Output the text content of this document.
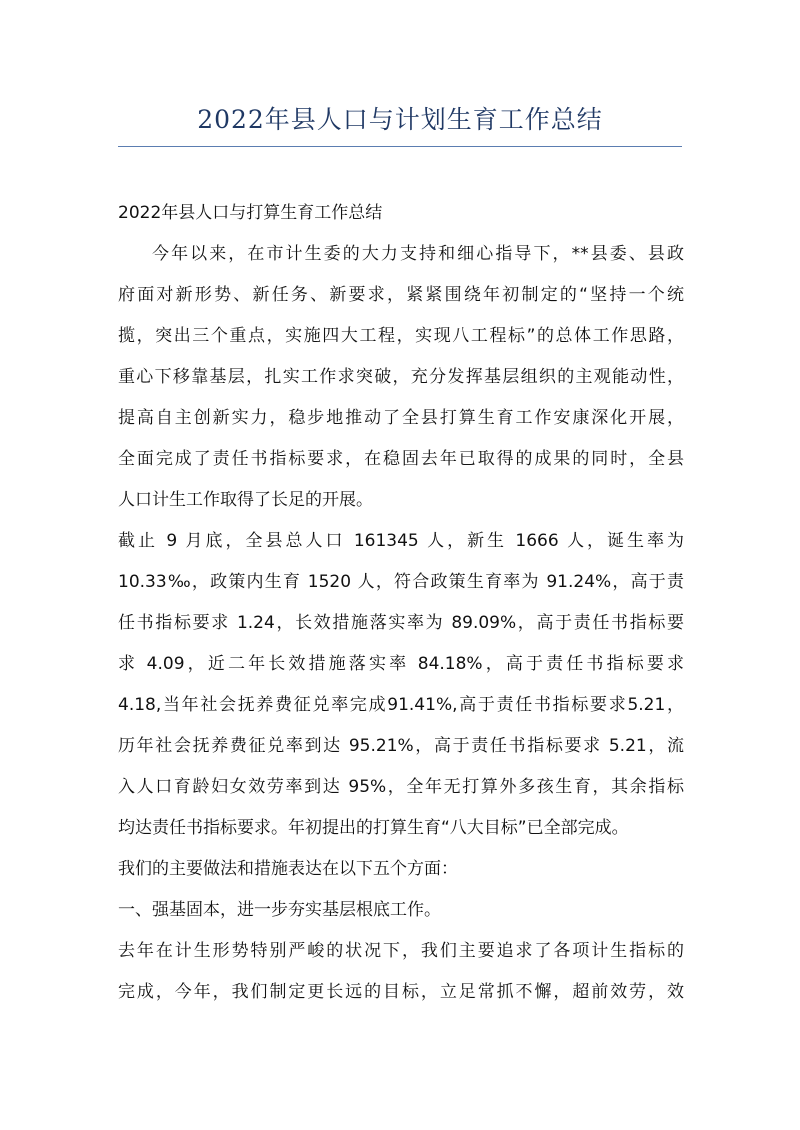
2022年县人口与计划生育工作总结
2022年县人口与打算生育工作总结
今年以来，在市计生委的大力支持和细心指导下，**县委、县政
府面对新形势、新任务、新要求，紧紧围绕年初制定的“坚持一个统
揽，突出三个重点，实施四大工程，实现八工程标”的总体工作思路，
重心下移靠基层，扎实工作求突破，充分发挥基层组织的主观能动性，
提高自主创新实力，稳步地推动了全县打算生育工作安康深化开展，
全面完成了责任书指标要求，在稳固去年已取得的成果的同时，全县
人口计生工作取得了长足的开展。
截止 9 月底，全县总人口 161345 人，新生 1666 人，诞生率为
10.33‰，政策内生育 1520 人，符合政策生育率为 91.24%，高于责
任书指标要求 1.24，长效措施落实率为 89.09%，高于责任书指标要
求 4.09，近二年长效措施落实率 84.18%，高于责任书指标要求
4.18,当年社会抚养费征兑率完成91.41%,高于责任书指标要求5.21，
历年社会抚养费征兑率到达 95.21%，高于责任书指标要求 5.21，流
入人口育龄妇女效劳率到达 95%，全年无打算外多孩生育，其余指标
均达责任书指标要求。年初提出的打算生育“八大目标”已全部完成。
我们的主要做法和措施表达在以下五个方面：
一、强基固本，进一步夯实基层根底工作。
去年在计生形势特别严峻的状况下，我们主要追求了各项计生指标的
完成，今年，我们制定更长远的目标，立足常抓不懈，超前效劳，效
